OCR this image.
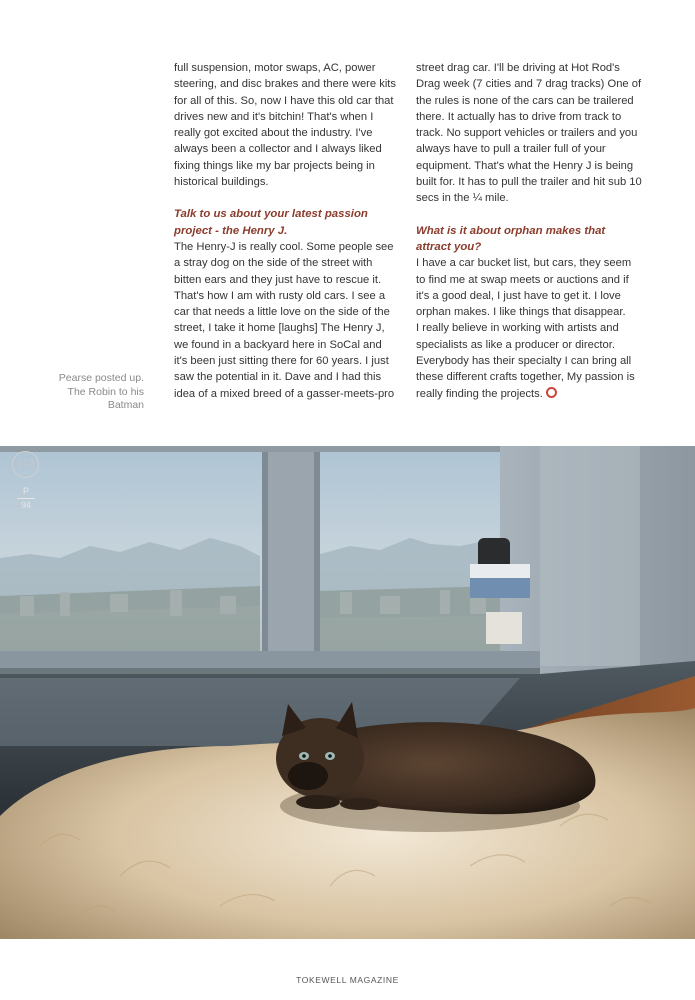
Pearse posted up.
The Robin to his
Batman

full suspension, motor swaps, AC, power steering, and disc brakes and there were kits for all of this. So, now I have this old car that drives new and it's bitchin! That's when I really got excited about the industry. I've always been a collector and I always liked fixing things like my bar projects being in historical buildings.

Talk to us about your latest passion project - the Henry J.

The Henry-J is really cool. Some people see a stray dog on the side of the street with bitten ears and they just have to rescue it. That's how I am with rusty old cars. I see a car that needs a little love on the side of the street, I take it home [laughs] The Henry J, we found in a backyard here in SoCal and it's been just sitting there for 60 years. I just saw the potential in it. Dave and I had this idea of a mixed breed of a gasser-meets-pro

street drag car. I'll be driving at Hot Rod's Drag week (7 cities and 7 drag tracks) One of the rules is none of the cars can be trailered there. It actually has to drive from track to track. No support vehicles or trailers and you always have to pull a trailer full of your equipment. That's what the Henry J is being built for. It has to pull the trailer and hit sub 10 secs in the ¼ mile.

What is it about orphan makes that attract you?

I have a car bucket list, but cars, they seem to find me at swap meets or auctions and if it's a good deal, I just have to get it. I love orphan makes. I like things that disappear.

I really believe in working with artists and specialists as like a producer or director. Everybody has their specialty I can bring all these different crafts together, My passion is really finding the projects.

013
P
94
TOKEWELL MAGAZINE
